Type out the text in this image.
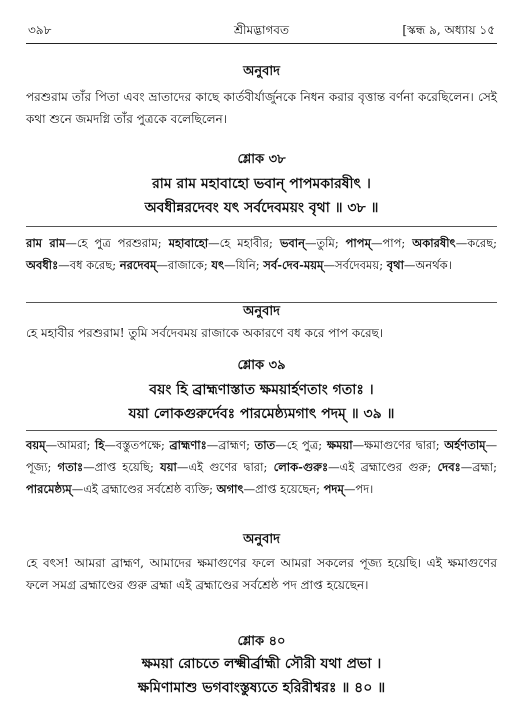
৩৯৮	শ্রীমদ্ভাগবত	[স্কন্ধ ৯, অধ্যায় ১৫
অনুবাদ
পরশুরাম তাঁর পিতা এবং ভ্রাতাদের কাছে কার্তবীর্যার্জুনকে নিধন করার বৃত্তান্ত বর্ণনা করেছিলেন। সেই কথা শুনে জমদগ্নি তাঁর পুত্রকে বলেছিলেন।
শ্লোক ৩৮
রাম রাম মহাবাহো ভবান্ পাপমকারষীৎ ।
অবধীন্নরদেবং যৎ সর্বদেবময়ং বৃথা ॥ ৩৮ ॥
রাম রাম—হে পুত্র পরশুরাম; মহাবাহো—হে মহাবীর; ভবান্—তুমি; পাপম্—পাপ; অকারষীৎ—করেছ; অবধীঃ—বধ করেছ; নরদেবম্—রাজাকে; যৎ—যিনি; সর্ব-দেব-ময়ম্—সর্বদেবময়; বৃথা—অনর্থক।
অনুবাদ
হে মহাবীর পরশুরাম! তুমি সর্বদেবময় রাজাকে অকারণে বধ করে পাপ করেছ।
শ্লোক ৩৯
বয়ং হি ব্রাহ্মণাস্তাত ক্ষময়ার্হণতাং গতাঃ ।
যয়া লোকগুরুর্দেবঃ পারমেষ্ঠ্যমগাৎ পদম্ ॥ ৩৯ ॥
বয়ম্—আমরা; হি—বস্তুতপক্ষে; ব্রাহ্মণাঃ—ব্রাহ্মণ; তাত—হে পুত্র; ক্ষময়া—ক্ষমাগুণের দ্বারা; অর্হণতাম্—পূজ্য; গতাঃ—প্রাপ্ত হয়েছি; যয়া—এই গুণের দ্বারা; লোক-গুরুঃ—এই ব্রহ্মাণ্ডের গুরু; দেবঃ—ব্রহ্মা; পারমেষ্ঠ্যম্—এই ব্রহ্মাণ্ডের সর্বশ্রেষ্ঠ ব্যক্তি; অগাৎ—প্রাপ্ত হয়েছেন; পদম্—পদ।
অনুবাদ
হে বৎস! আমরা ব্রাহ্মণ, আমাদের ক্ষমাগুণের ফলে আমরা সকলের পূজ্য হয়েছি। এই ক্ষমাগুণের ফলে সমগ্র ব্রহ্মাণ্ডের গুরু ব্রহ্মা এই ব্রহ্মাণ্ডের সর্বশ্রেষ্ঠ পদ প্রাপ্ত হয়েছেন।
শ্লোক ৪০
ক্ষময়া রোচতে লক্ষ্মীর্ব্রাহ্মী সৌরী যথা প্রভা ।
ক্ষমিণামাশু ভগবাংস্তুষ্যতে হরিরীশ্বরঃ ॥ ৪০ ॥
